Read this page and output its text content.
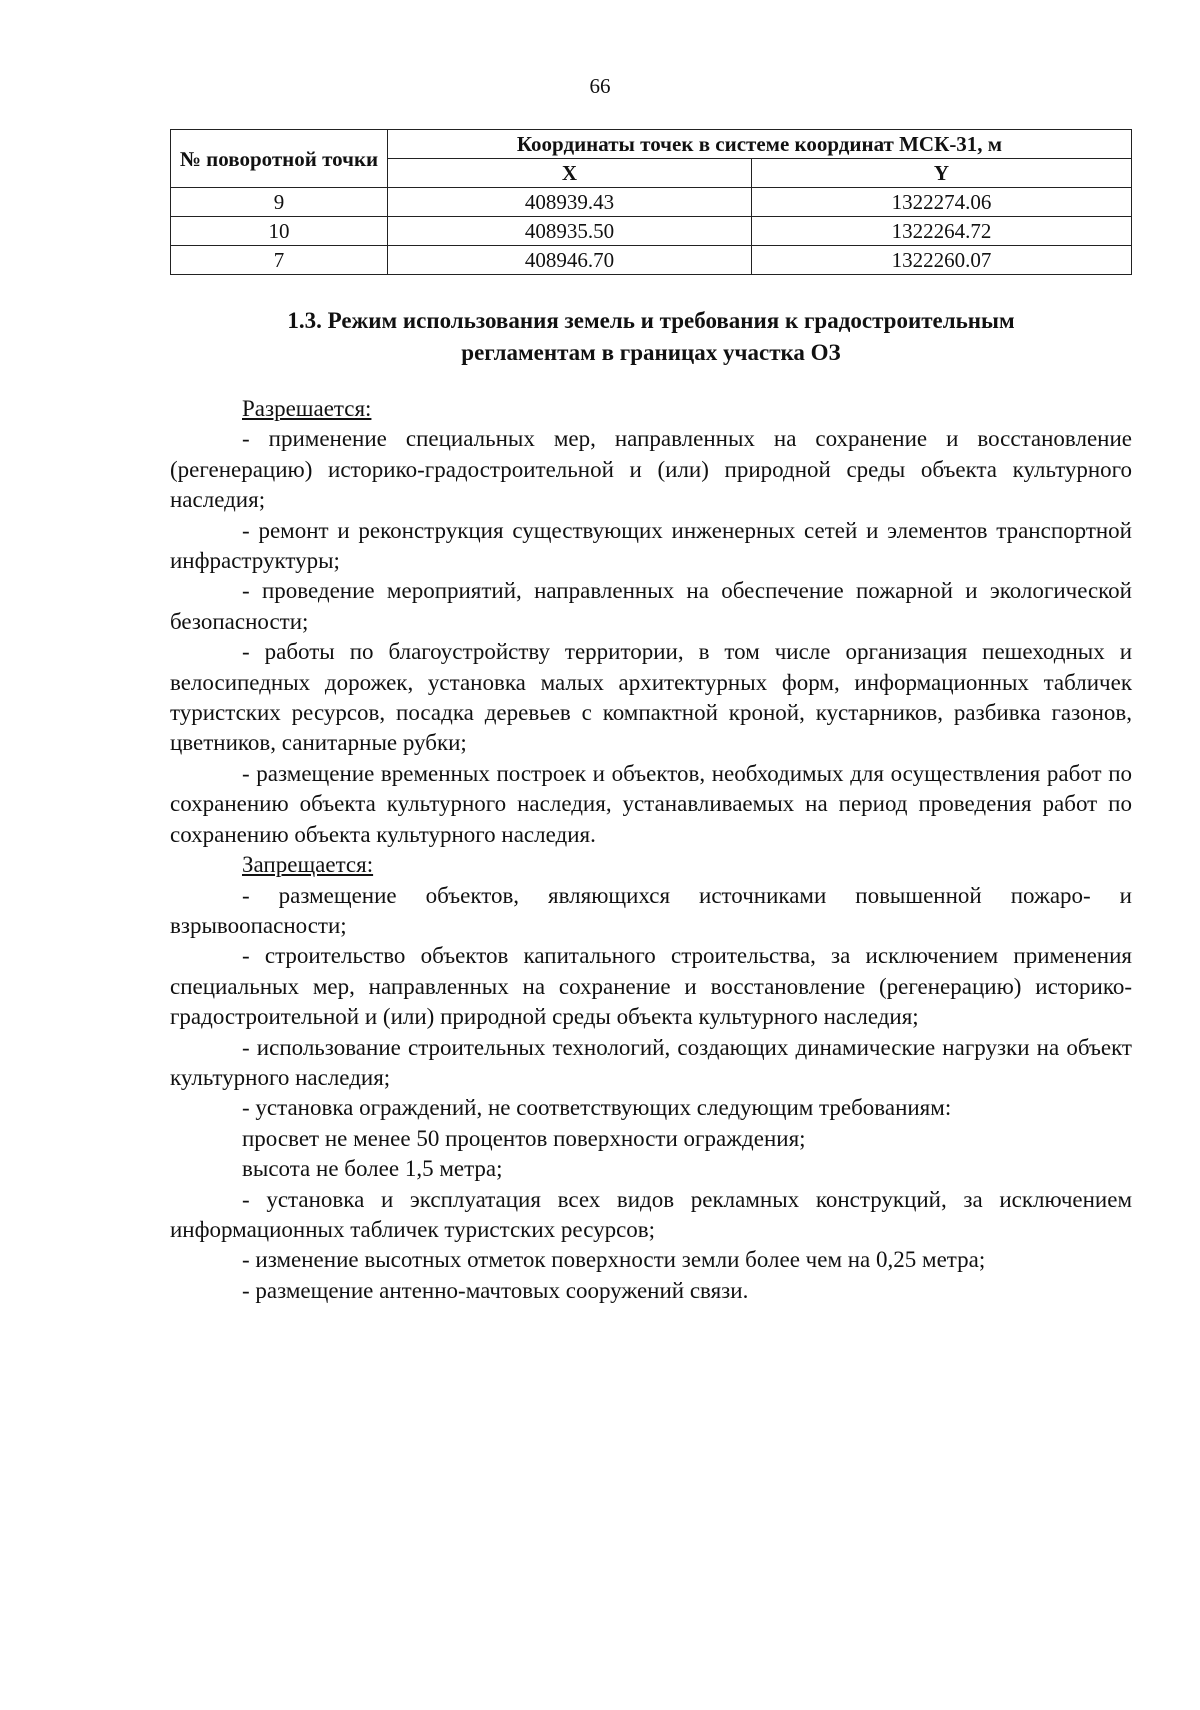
66
№ поворотной точки	Координаты точек в системе координат МСК-31, м	
	X	Y
9	408939.43	1322274.06
10	408935.50	1322264.72
7	408946.70	1322260.07
1.3. Режим использования земель и требования к градостроительным
регламентам в границах участка ОЗ

Разрешается:

- применение специальных мер, направленных на сохранение и восстановление (регенерацию) историко-градостроительной и (или) природной среды объекта культурного наследия;

- ремонт и реконструкция существующих инженерных сетей и элементов транспортной инфраструктуры;

- проведение мероприятий, направленных на обеспечение пожарной и экологической безопасности;

- работы по благоустройству территории, в том числе организация пешеходных и велосипедных дорожек, установка малых архитектурных форм, информационных табличек туристских ресурсов, посадка деревьев с компактной кроной, кустарников, разбивка газонов, цветников, санитарные рубки;

- размещение временных построек и объектов, необходимых для осуществления работ по сохранению объекта культурного наследия, устанавливаемых на период проведения работ по сохранению объекта культурного наследия.

Запрещается:

- размещение объектов, являющихся источниками повышенной пожаро- и взрывоопасности;

- строительство объектов капитального строительства, за исключением применения специальных мер, направленных на сохранение и восстановление (регенерацию) историко-градостроительной и (или) природной среды объекта культурного наследия;

- использование строительных технологий, создающих динамические нагрузки на объект культурного наследия;

- установка ограждений, не соответствующих следующим требованиям:

просвет не менее 50 процентов поверхности ограждения;

высота не более 1,5 метра;

- установка и эксплуатация всех видов рекламных конструкций, за исключением информационных табличек туристских ресурсов;

- изменение высотных отметок поверхности земли более чем на 0,25 метра;

- размещение антенно-мачтовых сооружений связи.
